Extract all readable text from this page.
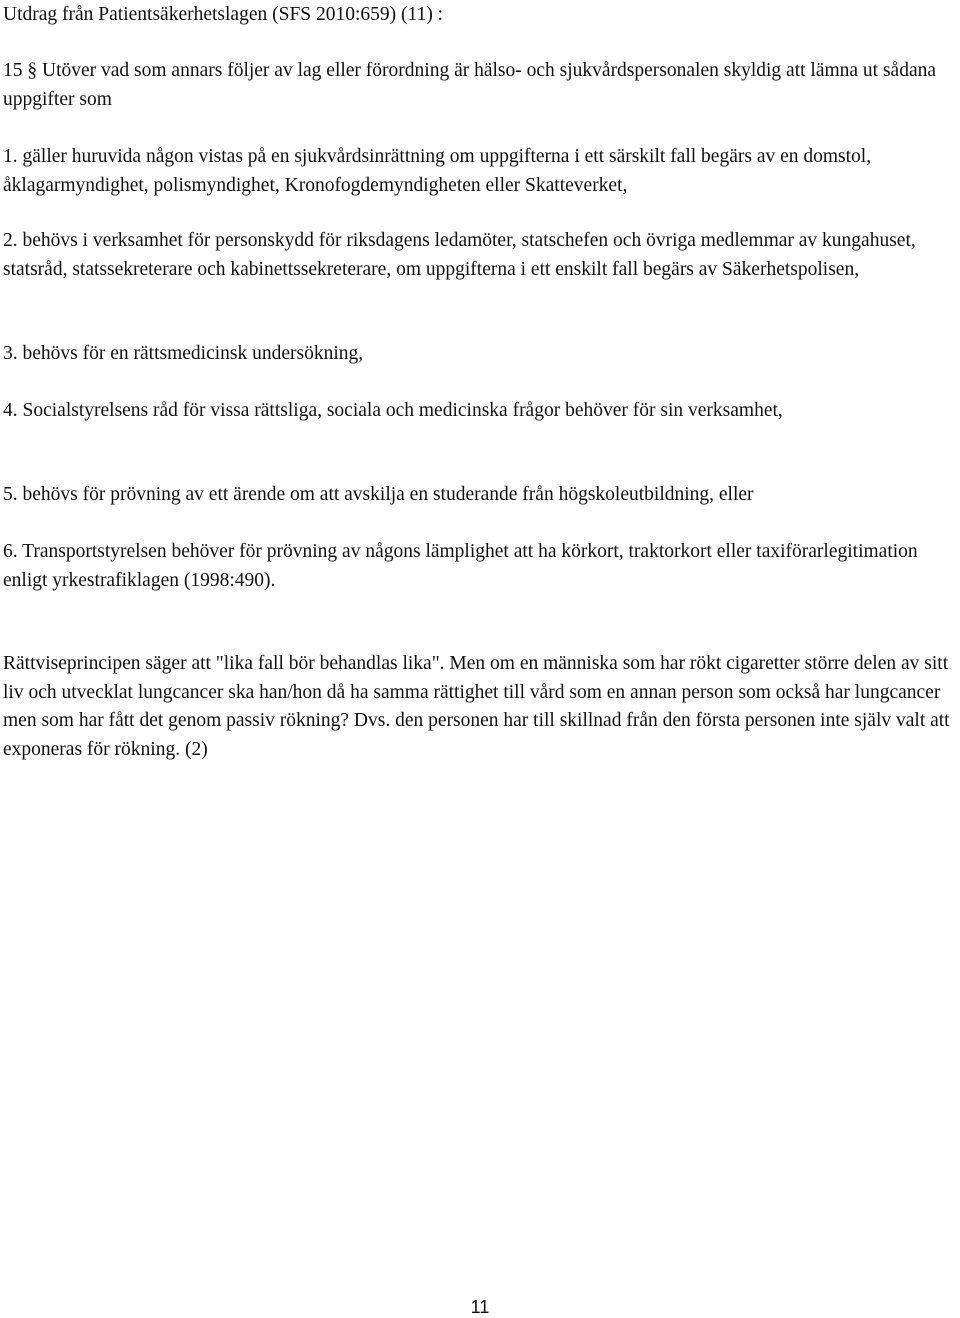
Utdrag från Patientsäkerhetslagen (SFS 2010:659) (11) :

15 § Utöver vad som annars följer av lag eller förordning är hälso- och sjukvårdspersonalen skyldig att lämna ut sådana uppgifter som

1. gäller huruvida någon vistas på en sjukvårdsinrättning om uppgifterna i ett särskilt fall begärs av en domstol, åklagarmyndighet, polismyndighet, Kronofogdemyndigheten eller Skatteverket,

2. behövs i verksamhet för personskydd för riksdagens ledamöter, statschefen och övriga medlemmar av kungahuset, statsråd, statssekreterare och kabinettssekreterare, om uppgifterna i ett enskilt fall begärs av Säkerhetspolisen,

3. behövs för en rättsmedicinsk undersökning,

4. Socialstyrelsens råd för vissa rättsliga, sociala och medicinska frågor behöver för sin verksamhet,

5. behövs för prövning av ett ärende om att avskilja en studerande från högskoleutbildning, eller

6. Transportstyrelsen behöver för prövning av någons lämplighet att ha körkort, traktorkort eller taxiförarlegitimation enligt yrkestrafiklagen (1998:490).

Rättviseprincipen säger att "lika fall bör behandlas lika". Men om en människa som har rökt cigaretter större delen av sitt liv och utvecklat lungcancer ska han/hon då ha samma rättighet till vård som en annan person som också har lungcancer men som har fått det genom passiv rökning? Dvs. den personen har till skillnad från den första personen inte själv valt att exponeras för rökning. (2)

11
